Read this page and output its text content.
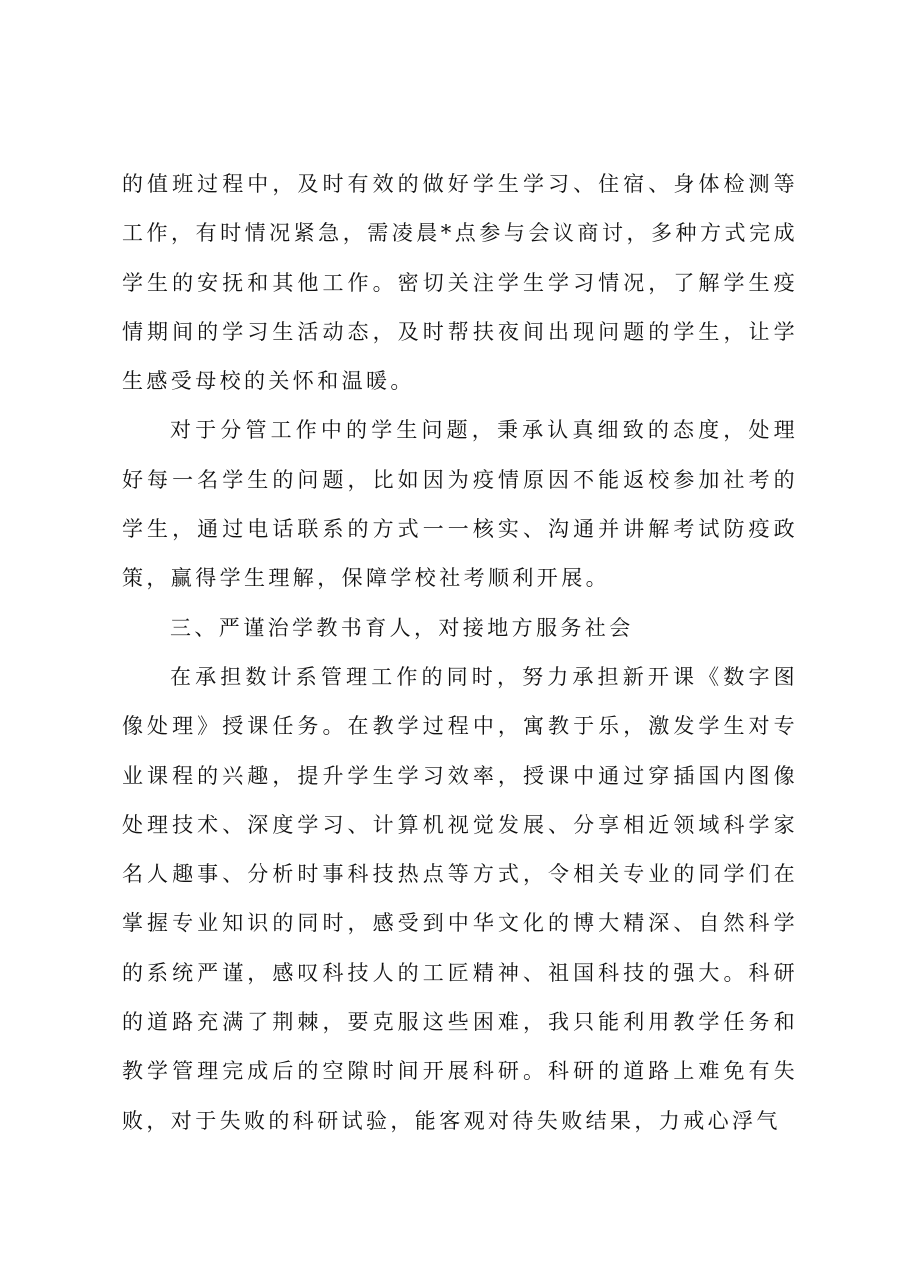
的值班过程中，及时有效的做好学生学习、住宿、身体检测等工作，有时情况紧急，需凌晨*点参与会议商讨，多种方式完成学生的安抚和其他工作。密切关注学生学习情况，了解学生疫情期间的学习生活动态，及时帮扶夜间出现问题的学生，让学生感受母校的关怀和温暖。

对于分管工作中的学生问题，秉承认真细致的态度，处理好每一名学生的问题，比如因为疫情原因不能返校参加社考的学生，通过电话联系的方式一一核实、沟通并讲解考试防疫政策，赢得学生理解，保障学校社考顺利开展。

三、严谨治学教书育人，对接地方服务社会

在承担数计系管理工作的同时，努力承担新开课《数字图像处理》授课任务。在教学过程中，寓教于乐，激发学生对专业课程的兴趣，提升学生学习效率，授课中通过穿插国内图像处理技术、深度学习、计算机视觉发展、分享相近领域科学家名人趣事、分析时事科技热点等方式，令相关专业的同学们在掌握专业知识的同时，感受到中华文化的博大精深、自然科学的系统严谨，感叹科技人的工匠精神、祖国科技的强大。科研的道路充满了荆棘，要克服这些困难，我只能利用教学任务和教学管理完成后的空隙时间开展科研。科研的道路上难免有失败，对于失败的科研试验，能客观对待失败结果，力戒心浮气
